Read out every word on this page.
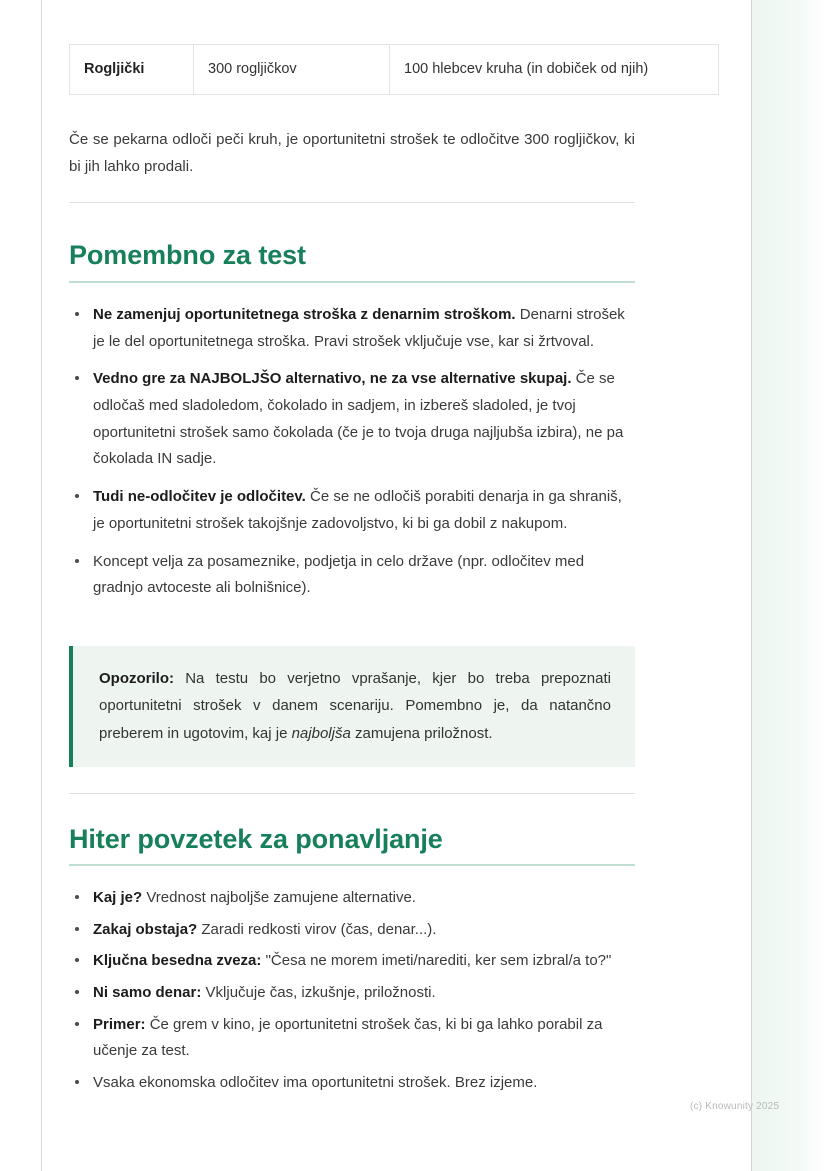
Rogljički	300 rogljičkov	100 hlebcev kruha (in dobiček od njih)

Če se pekarna odloči peči kruh, je oportunitetni strošek te odločitve 300 rogljičkov, ki bi jih lahko prodali.

Pomembno za test
Ne zamenjuj oportunitetnega stroška z denarnim stroškom. Denarni strošek je le del oportunitetnega stroška. Pravi strošek vključuje vse, kar si žrtvoval.
Vedno gre za NAJBOLJŠO alternativo, ne za vse alternative skupaj. Če se odločaš med sladoledom, čokolado in sadjem, in izbereš sladoled, je tvoj oportunitetni strošek samo čokolada (če je to tvoja druga najljubša izbira), ne pa čokolada IN sadje.
Tudi ne-odločitev je odločitev. Če se ne odločiš porabiti denarja in ga shraniš, je oportunitetni strošek takojšnje zadovoljstvo, ki bi ga dobil z nakupom.
Koncept velja za posameznike, podjetja in celo države (npr. odločitev med gradnjo avtoceste ali bolnišnice).

Opozorilo: Na testu bo verjetno vprašanje, kjer bo treba prepoznati oportunitetni strošek v danem scenariju. Pomembno je, da natančno preberem in ugotovim, kaj je najboljša zamujena priložnost.

Hiter povzetek za ponavljanje
Kaj je? Vrednost najboljše zamujene alternative.
Zakaj obstaja? Zaradi redkosti virov (čas, denar...).
Ključna besedna zveza: "Česa ne morem imeti/narediti, ker sem izbral/a to?"
Ni samo denar: Vključuje čas, izkušnje, priložnosti.
Primer: Če grem v kino, je oportunitetni strošek čas, ki bi ga lahko porabil za učenje za test.
Vsaka ekonomska odločitev ima oportunitetni strošek. Brez izjeme.
(c) Knowunity 2025
